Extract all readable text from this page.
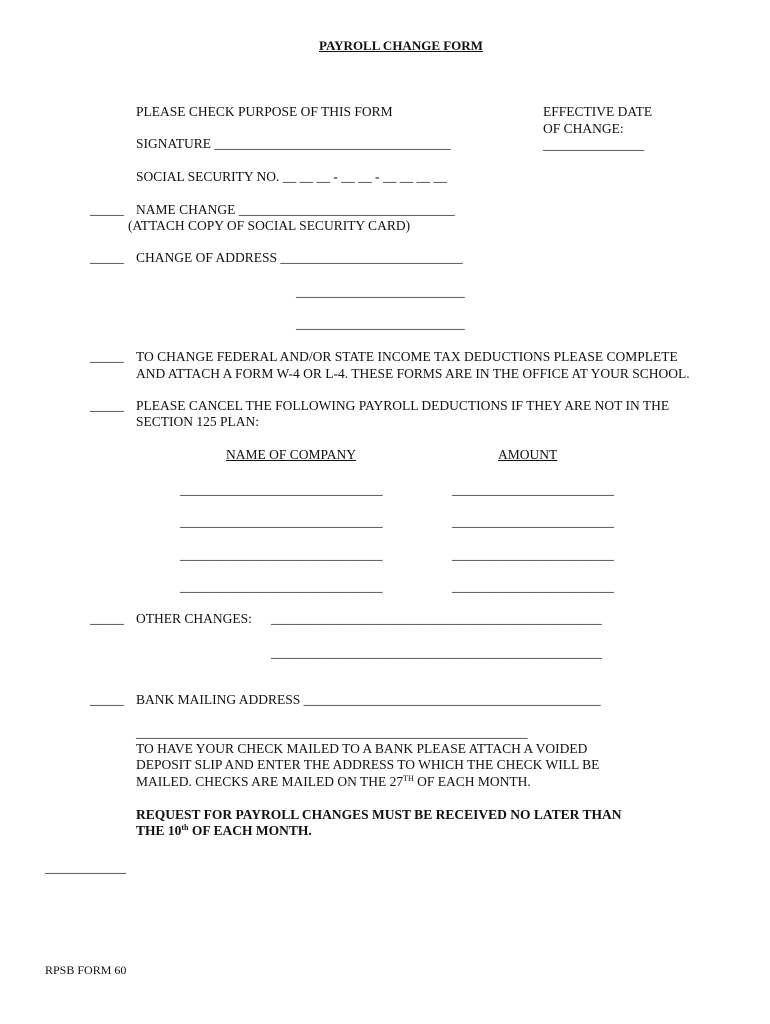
PAYROLL CHANGE FORM
PLEASE CHECK PURPOSE OF THIS FORM	EFFECTIVE DATE
OF CHANGE:
_______________
SIGNATURE ___________________________________
SOCIAL SECURITY NO. __ __ __ - __ __ - __ __ __ __
_____ NAME CHANGE ________________________________
(ATTACH COPY OF SOCIAL SECURITY CARD)
_____ CHANGE OF ADDRESS ___________________________
_________________________
_________________________
_____ TO CHANGE FEDERAL AND/OR STATE INCOME TAX DEDUCTIONS PLEASE COMPLETE
AND ATTACH A FORM W-4 OR L-4. THESE FORMS ARE IN THE OFFICE AT YOUR SCHOOL.
_____ PLEASE CANCEL THE FOLLOWING PAYROLL DEDUCTIONS IF THEY ARE NOT IN THE
SECTION 125 PLAN:
NAME OF COMPANY	AMOUNT
______________________________	________________________
______________________________	________________________
______________________________	________________________
______________________________	________________________
_____ OTHER CHANGES: _________________________________________________
_________________________________________________
_____ BANK MAILING ADDRESS ____________________________________________
__________________________________________________________
TO HAVE YOUR CHECK MAILED TO A BANK PLEASE ATTACH A VOIDED
DEPOSIT SLIP AND ENTER THE ADDRESS TO WHICH THE CHECK WILL BE
MAILED. CHECKS ARE MAILED ON THE 27TH OF EACH MONTH.
REQUEST FOR PAYROLL CHANGES MUST BE RECEIVED NO LATER THAN
THE 10th OF EACH MONTH.
____________
RPSB FORM 60
